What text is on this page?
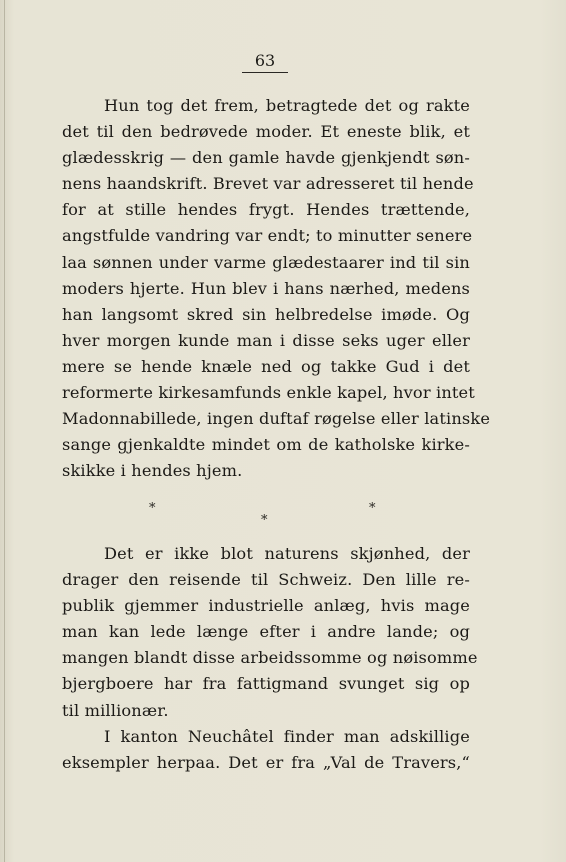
63
Hun tog det frem, betragtede det og rakte
det til den bedrøvede moder. Et eneste blik, et
glædesskrig — den gamle havde gjenkjendt søn-
nens haandskrift. Brevet var adresseret til hende
for at stille hendes frygt. Hendes trættende,
angstfulde vandring var endt; to minutter senere
laa sønnen under varme glædestaarer ind til sin
moders hjerte. Hun blev i hans nærhed, medens
han langsomt skred sin helbredelse imøde. Og
hver morgen kunde man i disse seks uger eller
mere se hende knæle ned og takke Gud i det
reformerte kirkesamfunds enkle kapel, hvor intet
Madonnabillede, ingen duftaf røgelse eller latinske
sange gjenkaldte mindet om de katholske kirke-
skikke i hendes hjem.
*
*
*
Det er ikke blot naturens skjønhed, der
drager den reisende til Schweiz. Den lille re-
publik gjemmer industrielle anlæg, hvis mage
man kan lede længe efter i andre lande; og
mangen blandt disse arbeidssomme og nøisomme
bjergboere har fra fattigmand svunget sig op
til millionær.
I kanton Neuchâtel finder man adskillige
eksempler herpaa. Det er fra „Val de Travers,“
